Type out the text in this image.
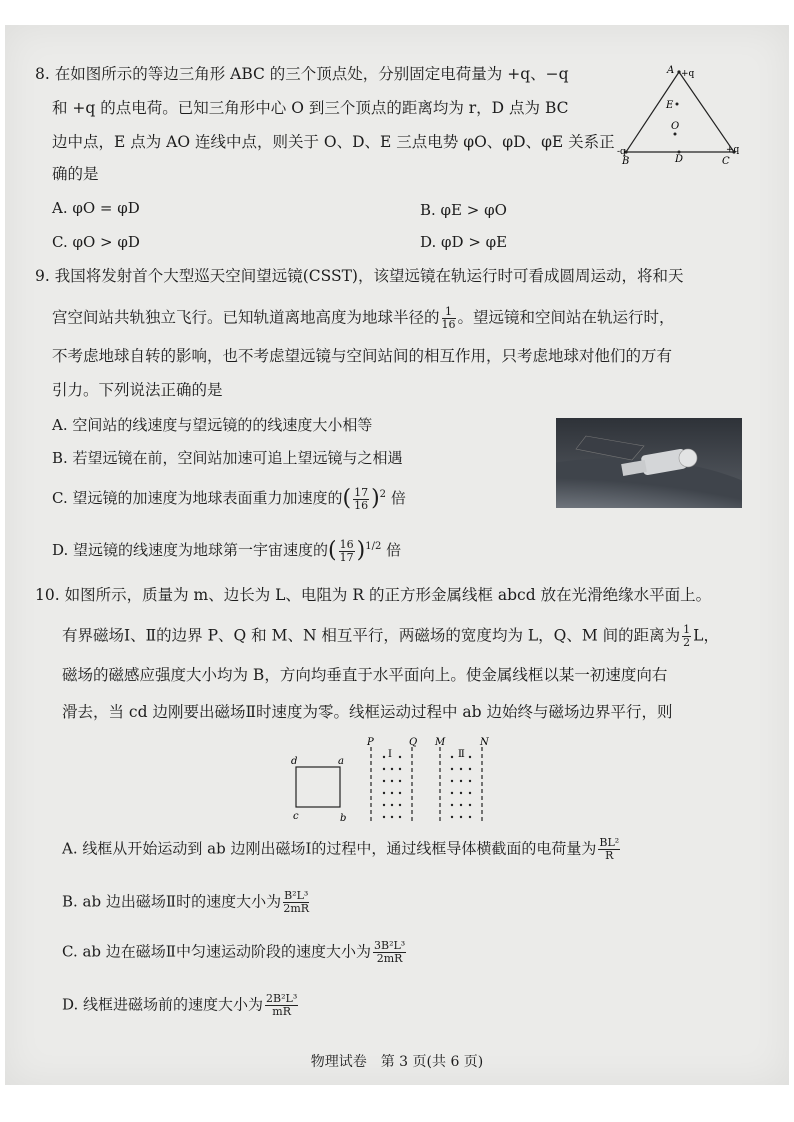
8. 在如图所示的等边三角形 ABC 的三个顶点处，分别固定电荷量为 +q、−q
和 +q 的点电荷。已知三角形中心 O 到三个顶点的距离均为 r，D 点为 BC
边中点，E 点为 AO 连线中点，则关于 O、D、E 三点电势 φO、φD、φE 关系正
确的是
A. φO = φD	B. φE > φO
C. φO > φD	D. φD > φE
A +q
-q
B	C
+q
D
E
O
9. 我国将发射首个大型巡天空间望远镜(CSST)，该望远镜在轨运行时可看成圆周运动，将和天
宫空间站共轨独立飞行。已知轨道离地高度为地球半径的 $\frac{1}{16}$ 。望远镜和空间站在轨运行时，
不考虑地球自转的影响，也不考虑望远镜与空间站间的相互作用，只考虑地球对他们的万有
引力。下列说法正确的是
A. 空间站的线速度与望远镜的的线速度大小相等
B. 若望远镜在前，空间站加速可追上望远镜与之相遇
C. 望远镜的加速度为地球表面重力加速度的( $\frac{17}{16} )^2$ 倍
D. 望远镜的线速度为地球第一宇宙速度的( $\frac{16}{17} )^{1/2}$ 倍
10. 如图所示，质量为 m、边长为 L、电阻为 R 的正方形金属线框 abcd 放在光滑绝缘水平面上。
有界磁场Ⅰ、Ⅱ的边界 P、Q 和 M、N 相互平行，两磁场的宽度均为 L，Q、M 间的距离为 $\frac{1}{2}$ L，
磁场的磁感应强度大小均为 B，方向均垂直于水平面向上。使金属线框以某一初速度向右
滑去，当 cd 边刚要出磁场Ⅱ时速度为零。线框运动过程中 ab 边始终与磁场边界平行，则
d	a
c	b
P	Q M	N
Ⅰ	Ⅱ
A. 线框从开始运动到 ab 边刚出磁场Ⅰ的过程中，通过线框导体横截面的电荷量为 $\frac{\text{BL²}}{R}$
B. ab 边出磁场Ⅱ时的速度大小为 $\frac{\text{B²L³}}{2mR}$
C. ab 边在磁场Ⅱ中匀速运动阶段的速度大小为 $\frac{\text{3B²L³}}{2mR}$
D. 线框进磁场前的速度大小为 $\frac{\text{2B²L³}}{mR}$
物理试卷　第 3 页(共 6 页)
